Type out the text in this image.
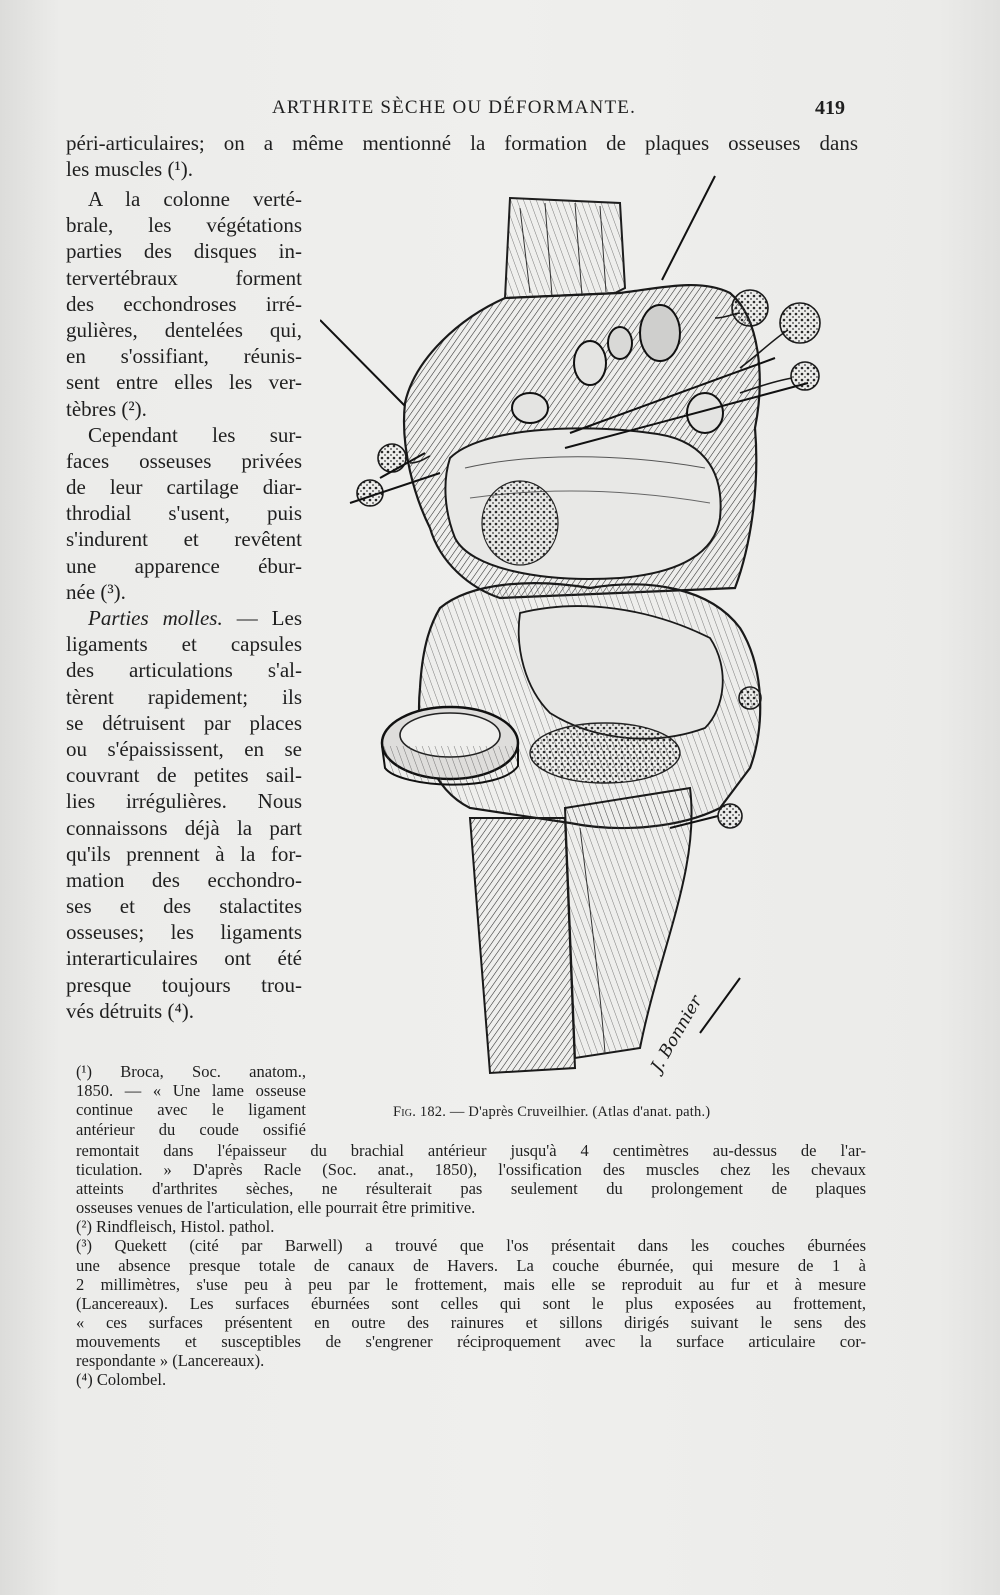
ARTHRITE SÈCHE OU DÉFORMANTE.	419
péri-articulaires; on a même mentionné la formation de plaques osseuses dans
les muscles (¹).
A la colonne verté-
brale, les végétations
parties des disques in-
tervertébraux forment
des ecchondroses irré-
gulières, dentelées qui,
en s'ossifiant, réunis-
sent entre elles les ver-
tèbres (²).
Cependant les sur-
faces osseuses privées
de leur cartilage diar-
throdial s'usent, puis
s'indurent et revêtent
une apparence ébur-
née (³).
Parties molles. — Les
ligaments et capsules
des articulations s'al-
tèrent rapidement; ils
se détruisent par places
ou s'épaississent, en se
couvrant de petites sail-
lies irrégulières. Nous
connaissons déjà la part
qu'ils prennent à la for-
mation des ecchondro-
ses et des stalactites
osseuses; les ligaments
interarticulaires ont été
presque toujours trou-
vés détruits (⁴).	J. Bonnier
Fig. 182. — D'après Cruveilhier. (Atlas d'anat. path.)
(¹) Broca, Soc. anatom.,
1850. — « Une lame osseuse
continue avec le ligament
antérieur du coude ossifié
remontait dans l'épaisseur du brachial antérieur jusqu'à 4 centimètres au-dessus de l'ar-
ticulation. » D'après Racle (Soc. anat., 1850), l'ossification des muscles chez les chevaux
atteints d'arthrites sèches, ne résulterait pas seulement du prolongement de plaques
osseuses venues de l'articulation, elle pourrait être primitive.
(²) Rindfleisch, Histol. pathol.
(³) Quekett (cité par Barwell) a trouvé que l'os présentait dans les couches éburnées
une absence presque totale de canaux de Havers. La couche éburnée, qui mesure de 1 à
2 millimètres, s'use peu à peu par le frottement, mais elle se reproduit au fur et à mesure
(Lancereaux). Les surfaces éburnées sont celles qui sont le plus exposées au frottement,
« ces surfaces présentent en outre des rainures et sillons dirigés suivant le sens des
mouvements et susceptibles de s'engrener réciproquement avec la surface articulaire cor-
respondante » (Lancereaux).
(⁴) Colombel.
